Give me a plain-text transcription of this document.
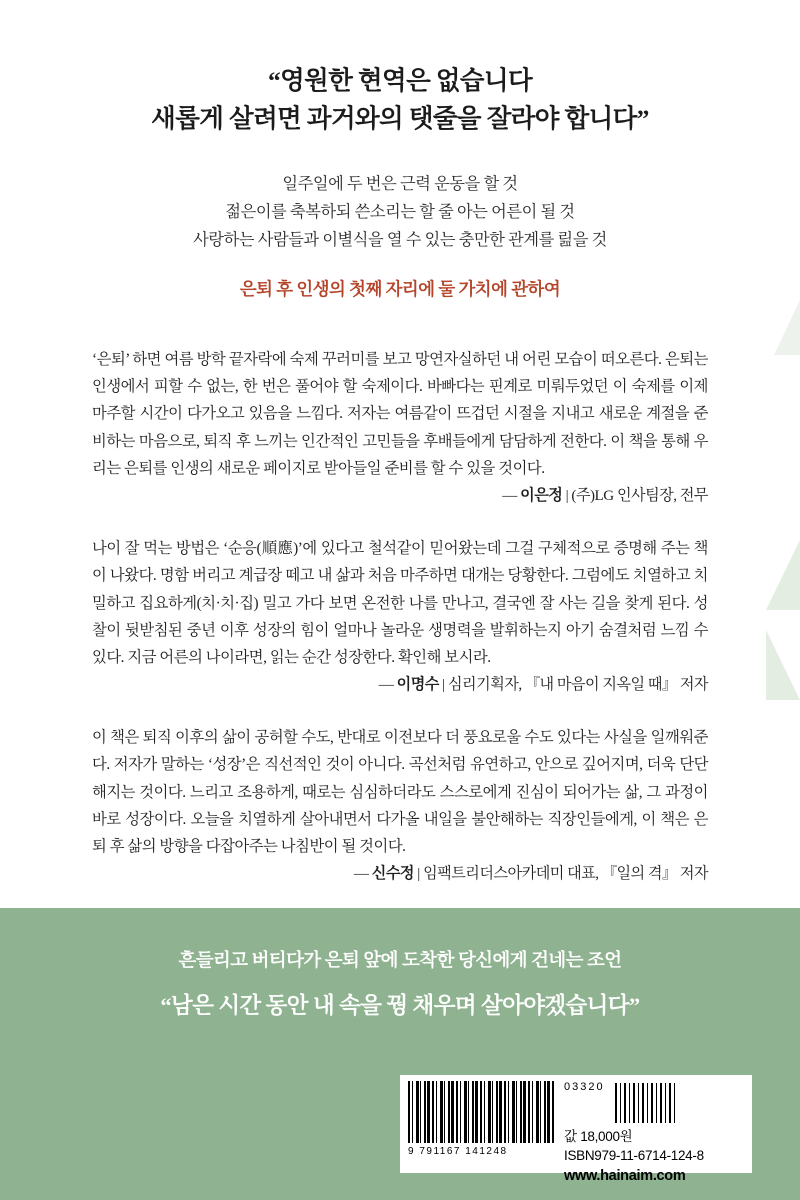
“영원한 현역은 없습니다
새롭게 살려면 과거와의 탯줄을 잘라야 합니다”
일주일에 두 번은 근력 운동을 할 것
젊은이를 축복하되 쓴소리는 할 줄 아는 어른이 될 것
사랑하는 사람들과 이별식을 열 수 있는 충만한 관계를 릺을 것
은퇴 후 인생의 첫째 자리에 둘 가치에 관하여

‘은퇴’ 하면 여름 방학 끝자락에 숙제 꾸러미를 보고 망연자실하던 내 어린 모습이 떠오른다. 은퇴는 인생에서 피할 수 없는, 한 번은 풀어야 할 숙제이다. 바빠다는 핀계로 미뤄두었던 이 숙제를 이제 마주할 시간이 다가오고 있음을 느낌다. 저자는 여름같이 뜨겁던 시절을 지내고 새로운 계절을 준비하는 마음으로, 퇴직 후 느끼는 인간적인 고민들을 후배들에게 담담하게 전한다. 이 책을 통해 우리는 은퇴를 인생의 새로운 페이지로 받아들일 준비를 할 수 있을 것이다.

— 이은정 | (주)LG 인사팀장, 전무

나이 잘 먹는 방법은 ‘순응(順應)’에 있다고 철석같이 믿어왔는데 그걸 구체적으로 증명해 주는 책이 나왔다. 명함 버리고 계급장 떼고 내 삶과 처음 마주하면 대개는 당황한다. 그럼에도 치열하고 치밀하고 집요하게(치·치·집) 밀고 가다 보면 온전한 나를 만나고, 결국엔 잘 사는 길을 찾게 된다. 성찰이 뒷받침된 중년 이후 성장의 힘이 얼마나 놀라운 생명력을 발휘하는지 아기 숨결처럼 느낌 수 있다. 지금 어른의 나이라면, 읽는 순간 성장한다. 확인해 보시라.

— 이명수 | 심리기획자, 『내 마음이 지옥일 때』 저자

이 책은 퇴직 이후의 삶이 공허할 수도, 반대로 이전보다 더 풍요로울 수도 있다는 사실을 일깨워준다. 저자가 말하는 ‘성장’은 직선적인 것이 아니다. 곡선처럼 유연하고, 안으로 깊어지며, 더욱 단단해지는 것이다. 느리고 조용하게, 때로는 심심하더라도 스스로에게 진심이 되어가는 삶, 그 과정이 바로 성장이다. 오늘을 치열하게 살아내면서 다가올 내일을 불안해하는 직장인들에게, 이 책은 은퇴 후 삶의 방향을 다잡아주는 나침반이 될 것이다.

— 신수정 | 임팩트리더스아카데미 대표, 『일의 격』 저자
흔들리고 버티다가 은퇴 앞에 도착한 당신에게 건네는 조언
“남은 시간 동안 내 속을 꿩 채우며 살아야겠습니다”
9 791167 141248
03320
값 18,000원
ISBN979-11-6714-124-8
www.hainaim.com
